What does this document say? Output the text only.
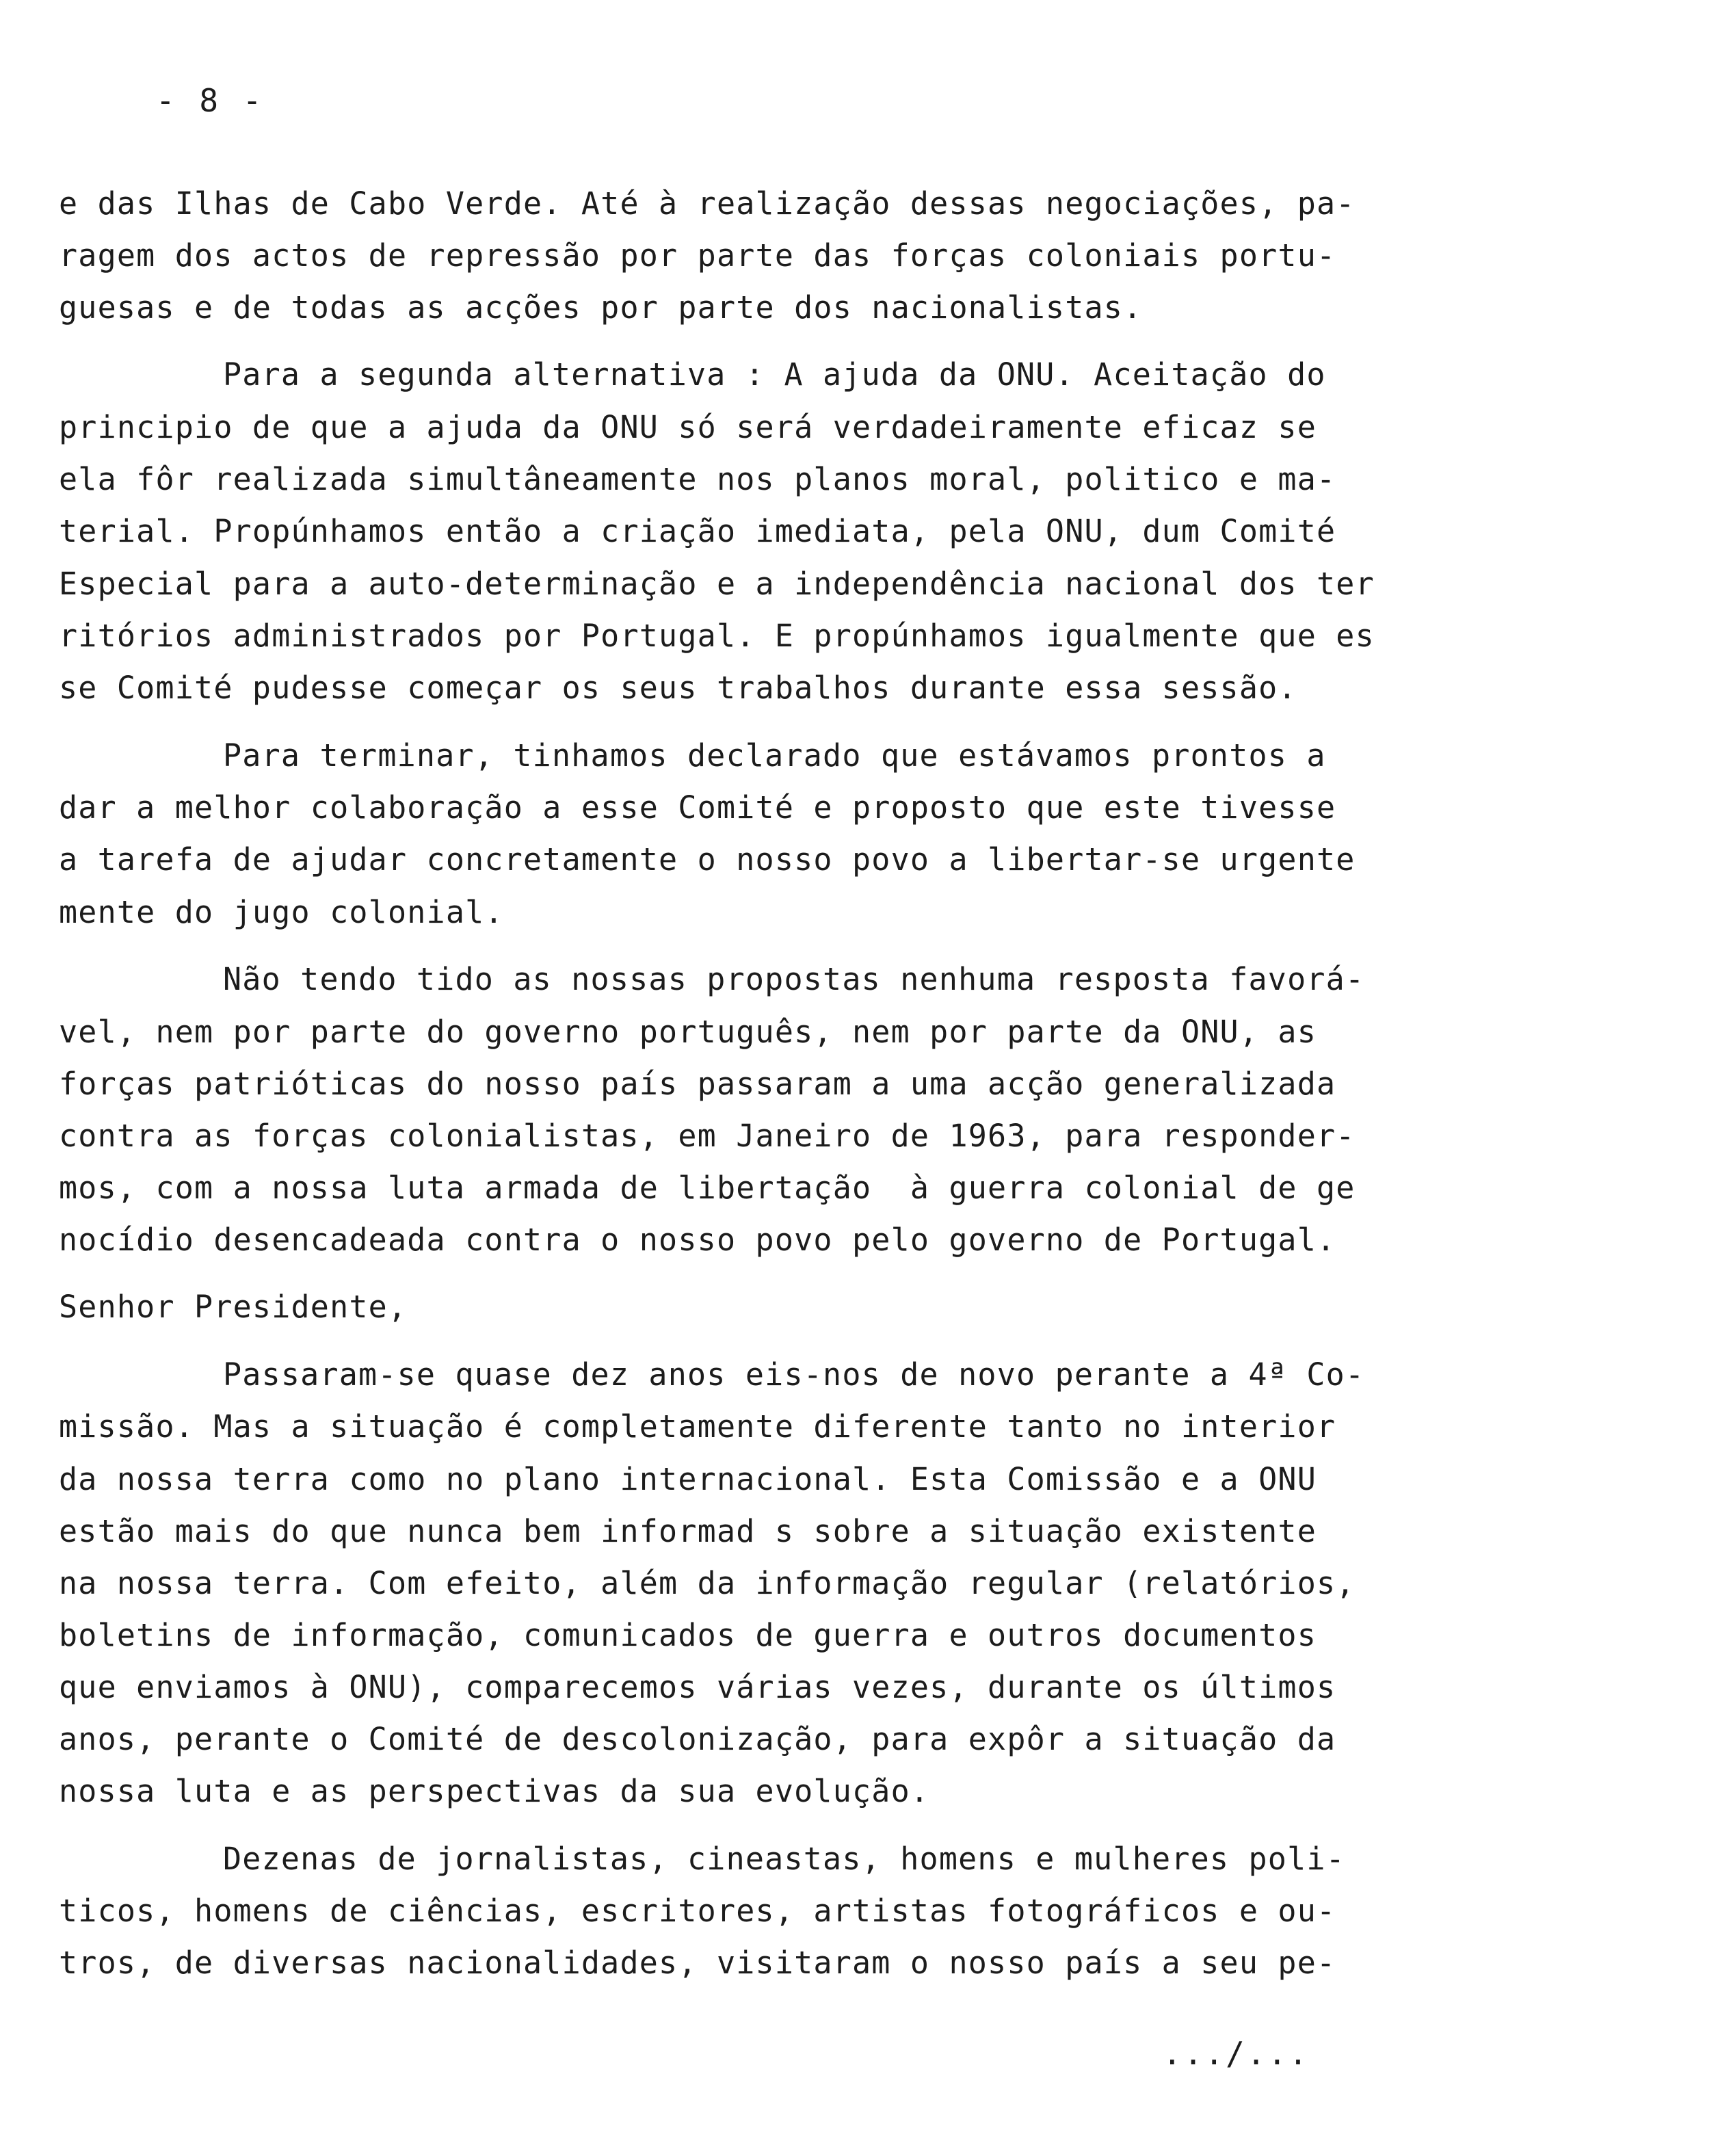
- 8 -
e das Ilhas de Cabo Verde. Até à realização dessas negociações, pa-
ragem dos actos de repressão por parte das forças coloniais portu-
guesas e de todas as acções por parte dos nacionalistas.
Para a segunda alternativa : A ajuda da ONU. Aceitação do
principio de que a ajuda da ONU só será verdadeiramente eficaz se
ela fôr realizada simultâneamente nos planos moral, politico e ma-
terial. Propúnhamos então a criação imediata, pela ONU, dum Comité
Especial para a auto-determinação e a independência nacional dos ter
ritórios administrados por Portugal. E propúnhamos igualmente que es
se Comité pudesse começar os seus trabalhos durante essa sessão.
Para terminar, tinhamos declarado que estávamos prontos a
dar a melhor colaboração a esse Comité e proposto que este tivesse
a tarefa de ajudar concretamente o nosso povo a libertar-se urgente
mente do jugo colonial.
Não tendo tido as nossas propostas nenhuma resposta favorá-
vel, nem por parte do governo português, nem por parte da ONU, as
forças patrióticas do nosso país passaram a uma acção generalizada
contra as forças colonialistas, em Janeiro de 1963, para responder-
mos, com a nossa luta armada de libertação  à guerra colonial de ge
nocídio desencadeada contra o nosso povo pelo governo de Portugal.
Senhor Presidente,
Passaram-se quase dez anos eis-nos de novo perante a 4ª Co-
missão. Mas a situação é completamente diferente tanto no interior
da nossa terra como no plano internacional. Esta Comissão e a ONU
estão mais do que nunca bem informad s sobre a situação existente
na nossa terra. Com efeito, além da informação regular (relatórios,
boletins de informação, comunicados de guerra e outros documentos
que enviamos à ONU), comparecemos várias vezes, durante os últimos
anos, perante o Comité de descolonização, para expôr a situação da
nossa luta e as perspectivas da sua evolução.
Dezenas de jornalistas, cineastas, homens e mulheres poli-
ticos, homens de ciências, escritores, artistas fotográficos e ou-
tros, de diversas nacionalidades, visitaram o nosso país a seu pe-
.../...
